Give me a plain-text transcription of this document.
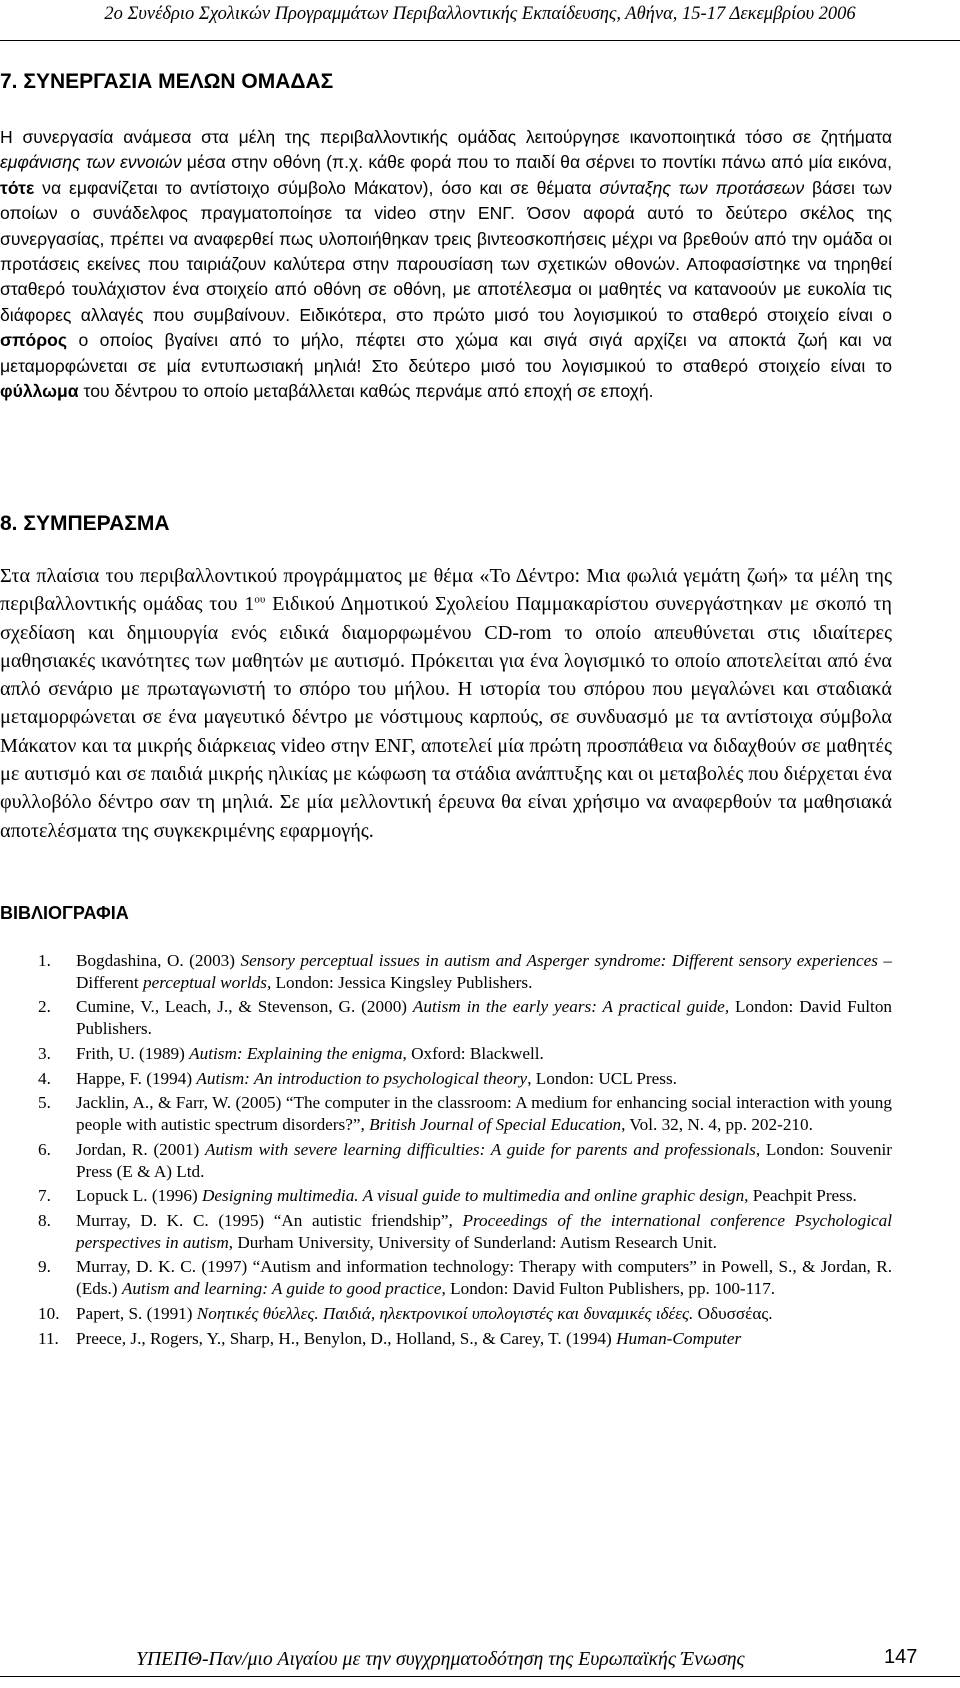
2ο Συνέδριο Σχολικών Προγραμμάτων Περιβαλλοντικής Εκπαίδευσης, Αθήνα, 15-17 Δεκεμβρίου 2006
7. ΣΥΝΕΡΓΑΣΙΑ ΜΕΛΩΝ ΟΜΑΔΑΣ
Η συνεργασία ανάμεσα στα μέλη της περιβαλλοντικής ομάδας λειτούργησε ικανοποιητικά τόσο σε ζητήματα εμφάνισης των εννοιών μέσα στην οθόνη (π.χ. κάθε φορά που το παιδί θα σέρνει το ποντίκι πάνω από μία εικόνα, τότε να εμφανίζεται το αντίστοιχο σύμβολο Μάκατον), όσο και σε θέματα σύνταξης των προτάσεων βάσει των οποίων ο συνάδελφος πραγματοποίησε τα video στην ΕΝΓ. Όσον αφορά αυτό το δεύτερο σκέλος της συνεργασίας, πρέπει να αναφερθεί πως υλοποιήθηκαν τρεις βιντεοσκοπήσεις μέχρι να βρεθούν από την ομάδα οι προτάσεις εκείνες που ταιριάζουν καλύτερα στην παρουσίαση των σχετικών οθονών. Αποφασίστηκε να τηρηθεί σταθερό τουλάχιστον ένα στοιχείο από οθόνη σε οθόνη, με αποτέλεσμα οι μαθητές να κατανοούν με ευκολία τις διάφορες αλλαγές που συμβαίνουν. Ειδικότερα, στο πρώτο μισό του λογισμικού το σταθερό στοιχείο είναι ο σπόρος ο οποίος βγαίνει από το μήλο, πέφτει στο χώμα και σιγά σιγά αρχίζει να αποκτά ζωή και να μεταμορφώνεται σε μία εντυπωσιακή μηλιά! Στο δεύτερο μισό του λογισμικού το σταθερό στοιχείο είναι το φύλλωμα του δέντρου το οποίο μεταβάλλεται καθώς περνάμε από εποχή σε εποχή.
8. ΣΥΜΠΕΡΑΣΜΑ
Στα πλαίσια του περιβαλλοντικού προγράμματος με θέμα «Το Δέντρο: Μια φωλιά γεμάτη ζωή» τα μέλη της περιβαλλοντικής ομάδας του $1^{o\upsilon}$ Ειδικού Δημοτικού Σχολείου Παμμακαρίστου συνεργάστηκαν με σκοπό τη σχεδίαση και δημιουργία ενός ειδικά διαμορφωμένου CD-rom το οποίο απευθύνεται στις ιδιαίτερες μαθησιακές ικανότητες των μαθητών με αυτισμό. Πρόκειται για ένα λογισμικό το οποίο αποτελείται από ένα απλό σενάριο με πρωταγωνιστή το σπόρο του μήλου. Η ιστορία του σπόρου που μεγαλώνει και σταδιακά μεταμορφώνεται σε ένα μαγευτικό δέντρο με νόστιμους καρπούς, σε συνδυασμό με τα αντίστοιχα σύμβολα Μάκατον και τα μικρής διάρκειας video στην ΕΝΓ, αποτελεί μία πρώτη προσπάθεια να διδαχθούν σε μαθητές με αυτισμό και σε παιδιά μικρής ηλικίας με κώφωση τα στάδια ανάπτυξης και οι μεταβολές που διέρχεται ένα φυλλοβόλο δέντρο σαν τη μηλιά. Σε μία μελλοντική έρευνα θα είναι χρήσιμο να αναφερθούν τα μαθησιακά αποτελέσματα της συγκεκριμένης εφαρμογής.
ΒΙΒΛΙΟΓΡΑΦΙΑ
1. Bogdashina, O. (2003) Sensory perceptual issues in autism and Asperger syndrome: Different sensory experiences – Different perceptual worlds, London: Jessica Kingsley Publishers.
2. Cumine, V., Leach, J., & Stevenson, G. (2000) Autism in the early years: A practical guide, London: David Fulton Publishers.
3. Frith, U. (1989) Autism: Explaining the enigma, Oxford: Blackwell.
4. Happe, F. (1994) Autism: An introduction to psychological theory, London: UCL Press.
5. Jacklin, A., & Farr, W. (2005) “The computer in the classroom: A medium for enhancing social interaction with young people with autistic spectrum disorders?”, British Journal of Special Education, Vol. 32, N. 4, pp. 202-210.
6. Jordan, R. (2001) Autism with severe learning difficulties: A guide for parents and professionals, London: Souvenir Press (E & A) Ltd.
7. Lopuck L. (1996) Designing multimedia. A visual guide to multimedia and online graphic design, Peachpit Press.
8. Murray, D. K. C. (1995) “An autistic friendship”, Proceedings of the international conference Psychological perspectives in autism, Durham University, University of Sunderland: Autism Research Unit.
9. Murray, D. K. C. (1997) “Autism and information technology: Therapy with computers” in Powell, S., & Jordan, R. (Eds.) Autism and learning: A guide to good practice, London: David Fulton Publishers, pp. 100-117.
10. Papert, S. (1991) Νοητικές θύελλες. Παιδιά, ηλεκτρονικοί υπολογιστές και δυναμικές ιδέες. Οδυσσέας.
11. Preece, J., Rogers, Y., Sharp, H., Benylon, D., Holland, S., & Carey, T. (1994) Human-Computer
ΥΠΕΠΘ-Παν/μιο Αιγαίου με την συγχρηματοδότηση της Ευρωπαϊκής Ένωσης	147
